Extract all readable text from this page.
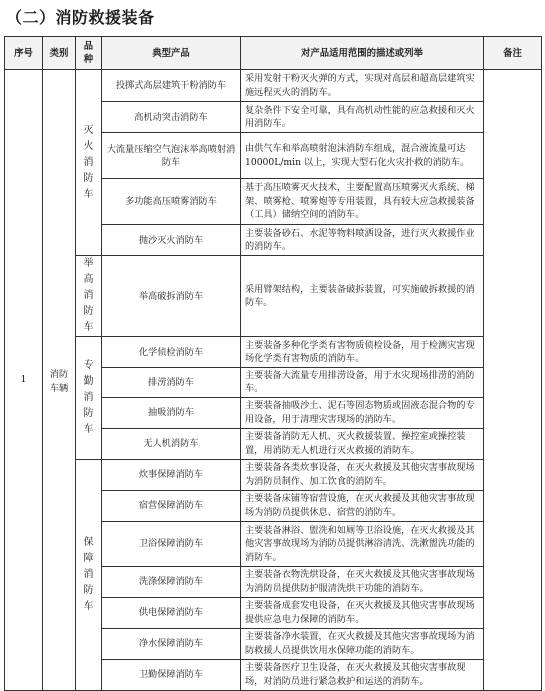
（二）消防救援装备
序号	类别	品种	典型产品	对产品适用范围的描述或列举	备注
1	消防车辆	灭火消防车	投掷式高层建筑干粉消防车	采用发射干粉灭火弹的方式，实现对高层和超高层建筑实施远程灭火的消防车。	
			高机动突击消防车	复杂条件下安全可靠，具有高机动性能的应急救援和灭火用消防车。	
			大流量压缩空气泡沫举高喷射消防车	由供气车和举高喷射泡沫消防车组成，混合液流量可达 10000L/min 以上，实现大型石化火灾扑救的消防车。	
			多功能高压喷雾消防车	基于高压喷雾灭火技术，主要配置高压喷雾灭火系统、梯架、喷雾枪、喷雾炮等专用装置，具有较大应急救援装备（工具）储纳空间的消防车。	
			抛沙灭火消防车	主要装备砂石、水泥等物料喷洒设备，进行灭火救援作业的消防车。	
		举高消防车	举高破拆消防车	采用臂架结构，主要装备破拆装置，可实施破拆救援的消防车。	
		专勤消防车	化学侦检消防车	主要装备多种化学类有害物质侦检设备，用于检测灾害现场化学类有害物质的消防车。	
			排涝消防车	主要装备大流量专用排涝设备，用于水灾现场排涝的消防车。	
			抽吸消防车	主要装备抽吸沙土、泥石等固态物质或固液态混合物的专用设备，用于清理灾害现场的消防车。	
			无人机消防车	主要装备消防无人机、灭火救援装置、操控室或操控装置，用消防无人机进行灭火救援的消防车。	
		保障消防车	炊事保障消防车	主要装备各类炊事设备，在灭火救援及其他灾害事故现场为消防员制作、加工饮食的消防车。	
			宿营保障消防车	主要装备床铺等宿营设施，在灭火救援及其他灾害事故现场为消防员提供休息、宿营的消防车。	
			卫浴保障消防车	主要装备淋浴、盥洗和如厕等卫浴设施，在灭火救援及其他灾害事故现场为消防员提供淋浴清洗、洗漱盥洗功能的消防车。	
			洗涤保障消防车	主要装备衣物洗烘设备，在灭火救援及其他灾害事故现场为消防员提供防护服清洗烘干功能的消防车。	
			供电保障消防车	主要装备成套发电设备，在灭火救援及其他灾害事故现场提供应急电力保障的消防车。	
			净水保障消防车	主要装备净水装置，在灭火救援及其他灾害事故现场为消防救援人员提供饮用水保障功能的消防车。	
			卫勤保障消防车	主要装备医疗卫生设备，在灭火救援及其他灾害事故现场，对消防员进行紧急救护和运送的消防车。	
